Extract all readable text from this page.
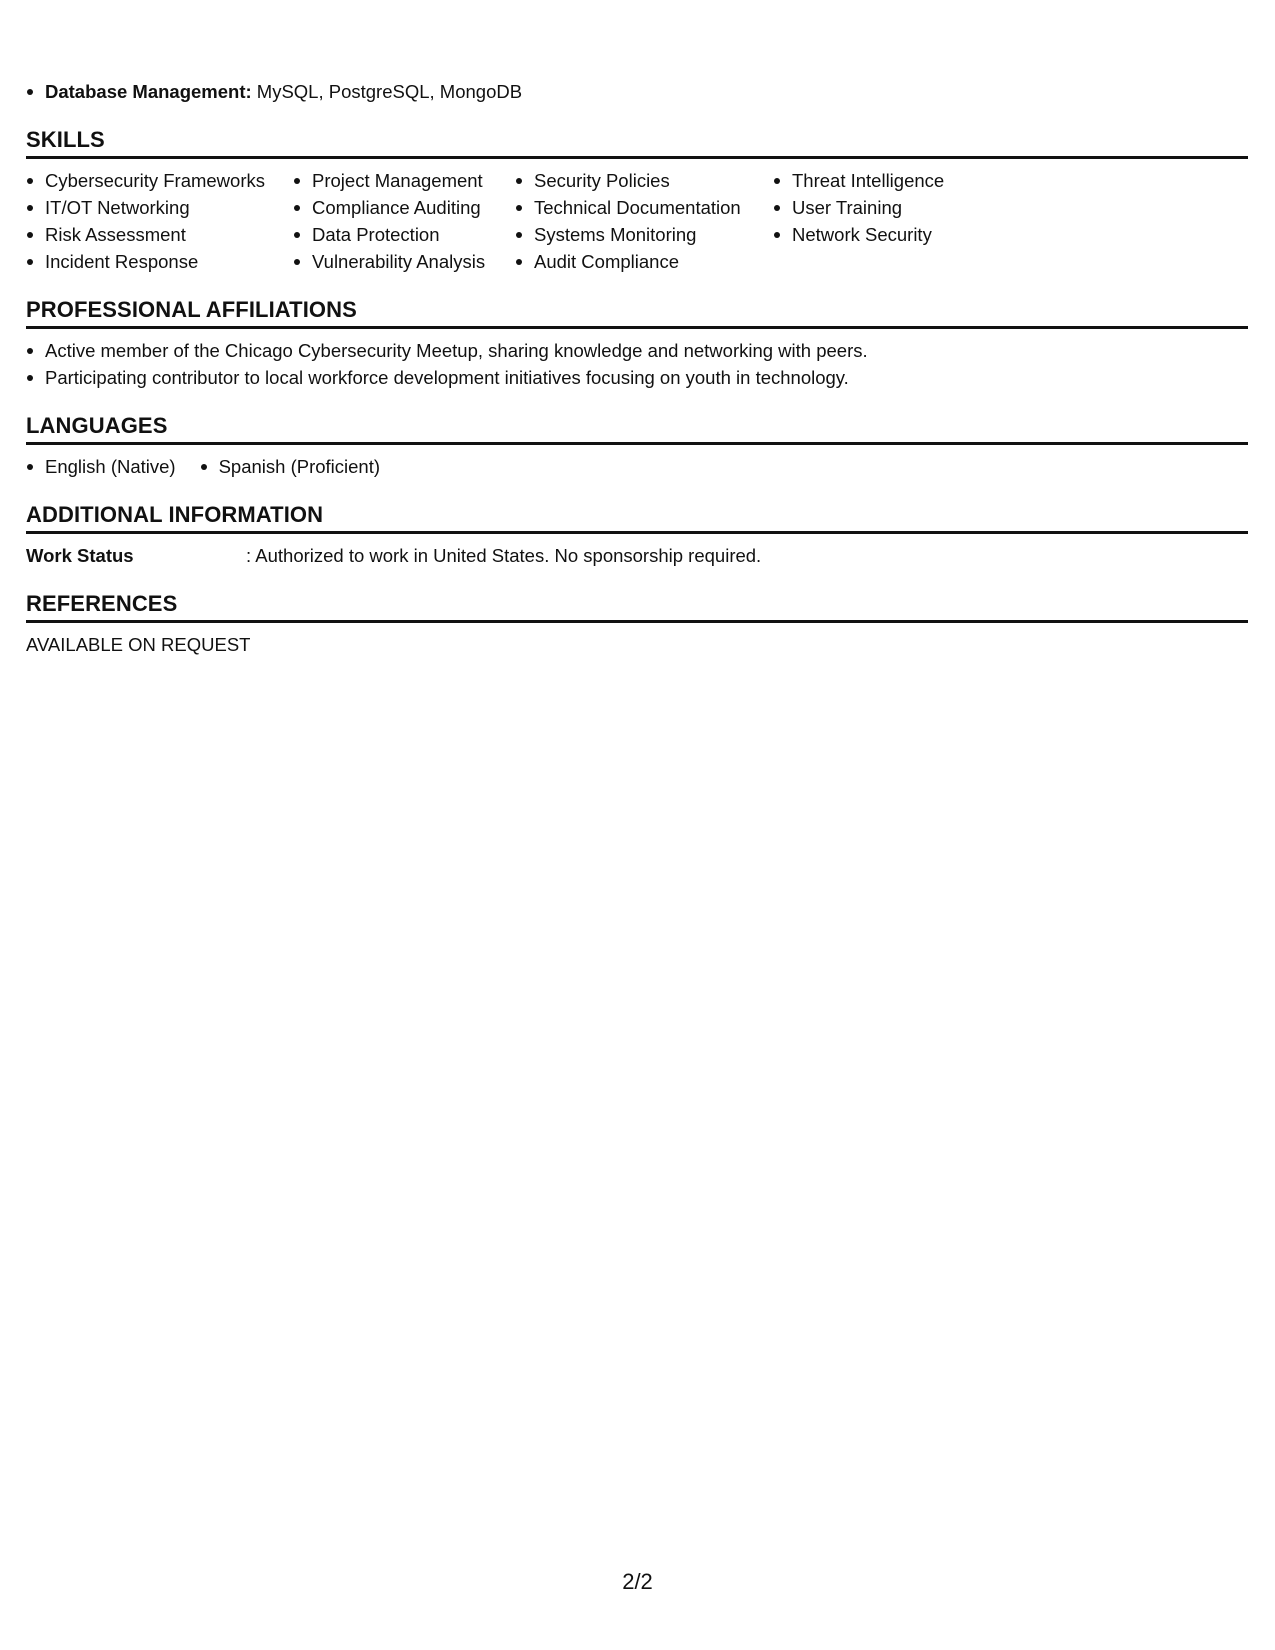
Database Management: MySQL, PostgreSQL, MongoDB
SKILLS
Cybersecurity Frameworks
IT/OT Networking
Risk Assessment
Incident Response
Project Management
Compliance Auditing
Data Protection
Vulnerability Analysis
Security Policies
Technical Documentation
Systems Monitoring
Audit Compliance
Threat Intelligence
User Training
Network Security
PROFESSIONAL AFFILIATIONS
Active member of the Chicago Cybersecurity Meetup, sharing knowledge and networking with peers.
Participating contributor to local workforce development initiatives focusing on youth in technology.
LANGUAGES
English (Native)	Spanish (Proficient)
ADDITIONAL INFORMATION
Work Status	: Authorized to work in United States. No sponsorship required.
REFERENCES
AVAILABLE ON REQUEST
2/2
